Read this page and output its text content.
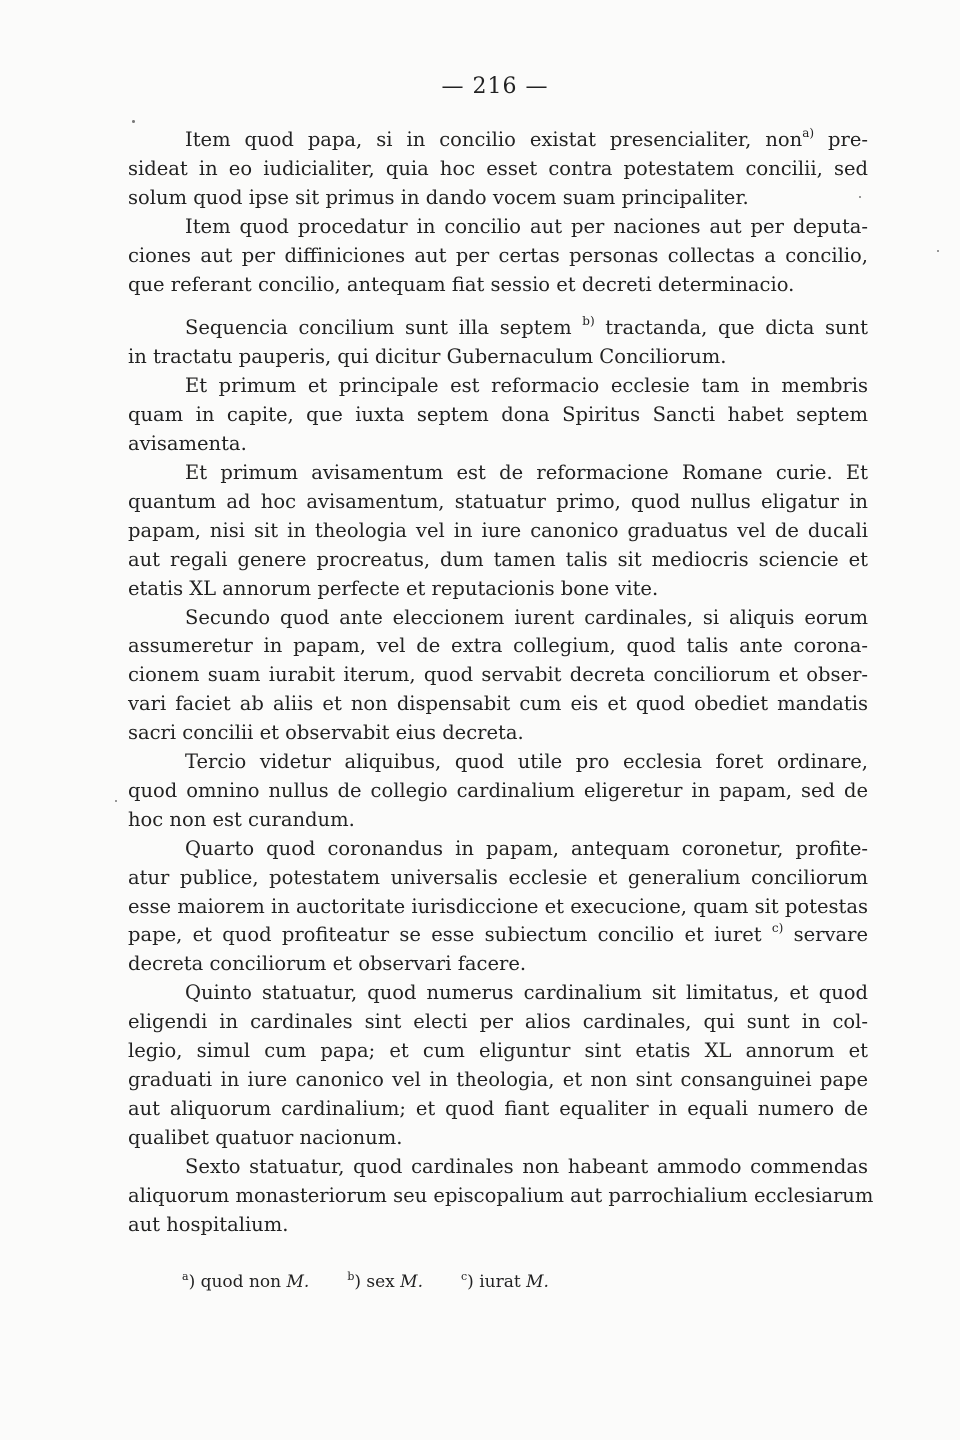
— 216 —
Item quod papa, si in concilio existat presencialiter, non$^{a)}$ pre-
sideat in eo iudicialiter, quia hoc esset contra potestatem concilii, sed
solum quod ipse sit primus in dando vocem suam principaliter.
Item quod procedatur in concilio aut per naciones aut per deputa-
ciones aut per diffiniciones aut per certas personas collectas a concilio,
que referant concilio, antequam fiat sessio et decreti determinacio.
Sequencia concilium sunt illa septem $^{b)}$ tractanda, que dicta sunt
in tractatu pauperis, qui dicitur Gubernaculum Conciliorum.
Et primum et principale est reformacio ecclesie tam in membris
quam in capite, que iuxta septem dona Spiritus Sancti habet septem
avisamenta.
Et primum avisamentum est de reformacione Romane curie. Et
quantum ad hoc avisamentum, statuatur primo, quod nullus eligatur in
papam, nisi sit in theologia vel in iure canonico graduatus vel de ducali
aut regali genere procreatus, dum tamen talis sit mediocris sciencie et
etatis XL annorum perfecte et reputacionis bone vite.
Secundo quod ante eleccionem iurent cardinales, si aliquis eorum
assumeretur in papam, vel de extra collegium, quod talis ante corona-
cionem suam iurabit iterum, quod servabit decreta conciliorum et obser-
vari faciet ab aliis et non dispensabit cum eis et quod obediet mandatis
sacri concilii et observabit eius decreta.
Tercio videtur aliquibus, quod utile pro ecclesia foret ordinare,
quod omnino nullus de collegio cardinalium eligeretur in papam, sed de
hoc non est curandum.
Quarto quod coronandus in papam, antequam coronetur, profite-
atur publice, potestatem universalis ecclesie et generalium conciliorum
esse maiorem in auctoritate iurisdiccione et execucione, quam sit potestas
pape, et quod profiteatur se esse subiectum concilio et iuret $^{c)}$ servare
decreta conciliorum et observari facere.
Quinto statuatur, quod numerus cardinalium sit limitatus, et quod
eligendi in cardinales sint electi per alios cardinales, qui sunt in col-
legio, simul cum papa; et cum eliguntur sint etatis XL annorum et
graduati in iure canonico vel in theologia, et non sint consanguinei pape
aut aliquorum cardinalium; et quod fiant equaliter in equali numero de
qualibet quatuor nacionum.
Sexto statuatur, quod cardinales non habeant ammodo commendas
aliquorum monasteriorum seu episcopalium aut parrochialium ecclesiarum
aut hospitalium.
$^a$) quod non M.	$^b$) sex M.	$^c$) iurat M.
